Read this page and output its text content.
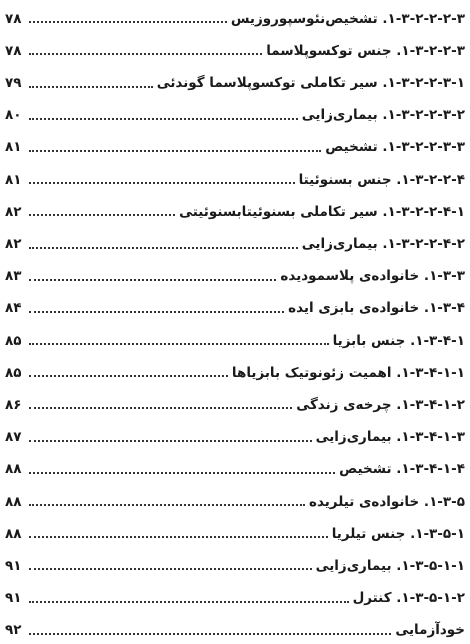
۱-۳-۲-۲-۲-۳. تشخیص‌نئوسپوروزیس
۷۸
۱-۳-۲-۲-۳. جنس توکسوپلاسما
۷۸
۱-۳-۲-۲-۳-۱. سیر تکاملی توکسوپلاسما گوندئی
۷۹
۱-۳-۲-۲-۳-۲. بیماری‌زایی
۸۰
۱-۳-۲-۲-۳-۳. تشخیص
۸۱
۱-۳-۲-۲-۴. جنس بسنوئیتا
۸۱
۱-۳-۲-۲-۴-۱. سیر تکاملی بسنوئیتابسنوئیتی
۸۲
۱-۳-۲-۲-۴-۲. بیماری‌زایی
۸۲
۱-۳-۳. خانواده‌ی پلاسمودیده
۸۳
۱-۳-۴. خانواده‌ی بابزی ایده
۸۴
۱-۳-۴-۱. جنس بابزیا
۸۵
۱-۳-۴-۱-۱. اهمیت زئونوتیک بابزیاها
۸۵
۱-۳-۴-۱-۲. چرخه‌ی زندگی
۸۶
۱-۳-۴-۱-۳. بیماری‌زایی
۸۷
۱-۳-۴-۱-۴. تشخیص
۸۸
۱-۳-۵. خانواده‌ی تیلریده
۸۸
۱-۳-۵-۱. جنس تیلریا
۸۸
۱-۳-۵-۱-۱. بیماری‌زایی
۹۱
۱-۳-۵-۱-۲. کنترل
۹۱
خودآزمایی
۹۲
